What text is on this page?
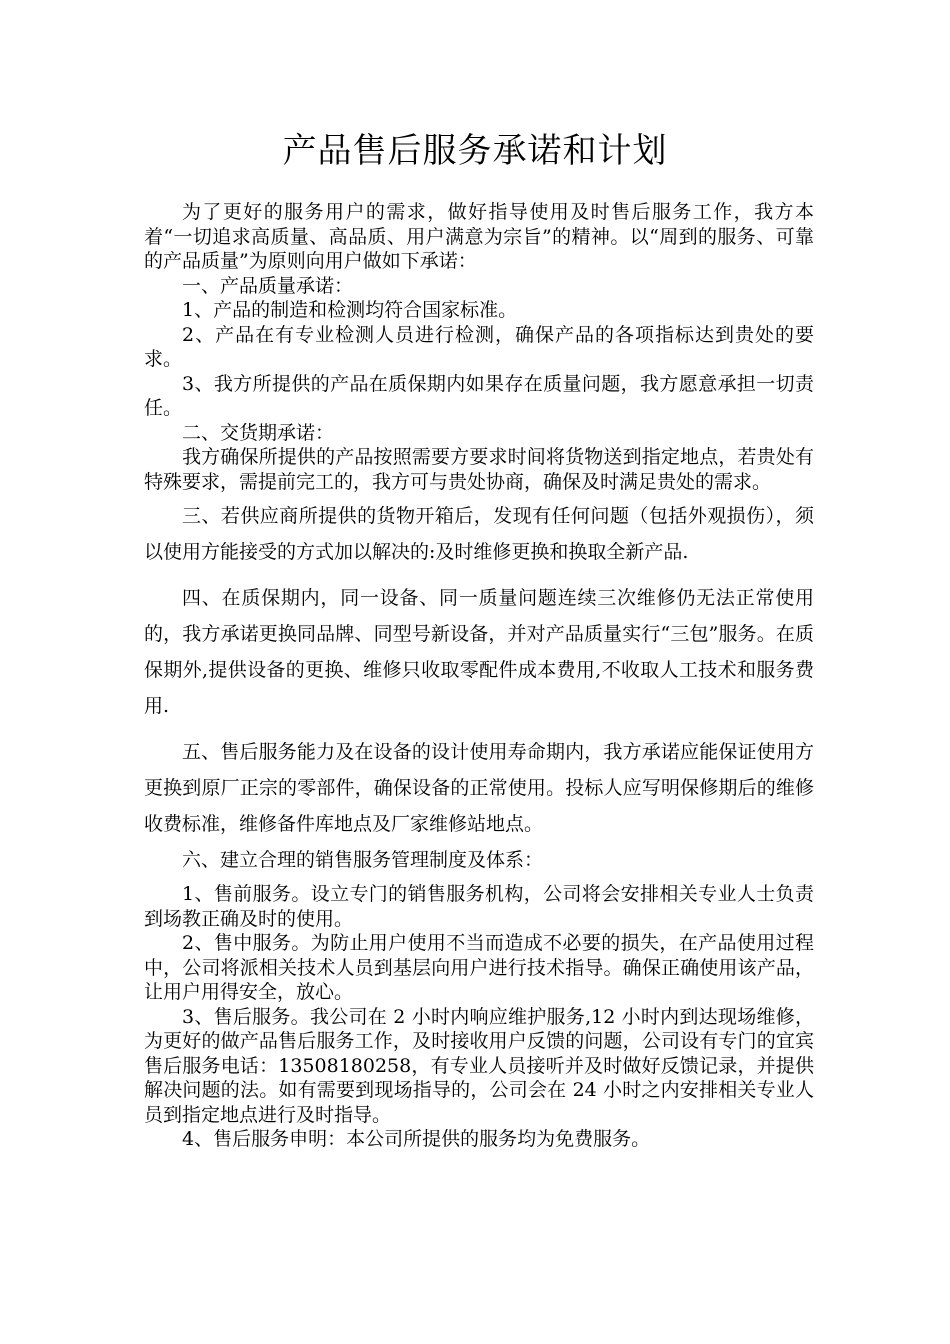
产品售后服务承诺和计划

为了更好的服务用户的需求，做好指导使用及时售后服务工作，我方本着“一切追求高质量、高品质、用户满意为宗旨”的精神。以“周到的服务、可靠的产品质量”为原则向用户做如下承诺：

一、产品质量承诺：

1、产品的制造和检测均符合国家标准。

2、产品在有专业检测人员进行检测，确保产品的各项指标达到贵处的要求。

3、我方所提供的产品在质保期内如果存在质量问题，我方愿意承担一切责任。

二、交货期承诺：

我方确保所提供的产品按照需要方要求时间将货物送到指定地点，若贵处有特殊要求，需提前完工的，我方可与贵处协商，确保及时满足贵处的需求。

三、若供应商所提供的货物开箱后，发现有任何问题（包括外观损伤），须以使用方能接受的方式加以解决的:及时维修更换和换取全新产品.

四、在质保期内，同一设备、同一质量问题连续三次维修仍无法正常使用的，我方承诺更换同品牌、同型号新设备，并对产品质量实行“三包”服务。在质保期外,提供设备的更换、维修只收取零配件成本费用,不收取人工技术和服务费用.

五、售后服务能力及在设备的设计使用寿命期内，我方承诺应能保证使用方更换到原厂正宗的零部件，确保设备的正常使用。投标人应写明保修期后的维修收费标准，维修备件库地点及厂家维修站地点。

六、建立合理的销售服务管理制度及体系：

1、售前服务。设立专门的销售服务机构，公司将会安排相关专业人士负责到场教正确及时的使用。

2、售中服务。为防止用户使用不当而造成不必要的损失，在产品使用过程中，公司将派相关技术人员到基层向用户进行技术指导。确保正确使用该产品，让用户用得安全，放心。

3、售后服务。我公司在 2 小时内响应维护服务,12 小时内到达现场维修，为更好的做产品售后服务工作，及时接收用户反馈的问题，公司设有专门的宜宾售后服务电话：13508180258，有专业人员接听并及时做好反馈记录，并提供解决问题的法。如有需要到现场指导的，公司会在 24 小时之内安排相关专业人员到指定地点进行及时指导。

4、售后服务申明：本公司所提供的服务均为免费服务。
